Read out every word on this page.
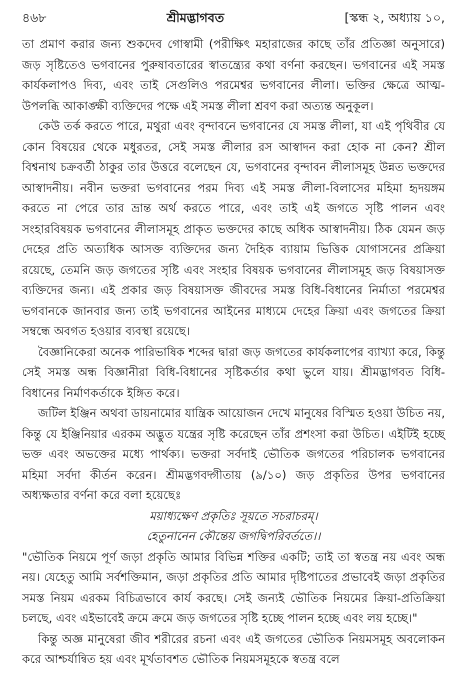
৪৬৮	শ্রীমদ্ভাগবত	[স্কন্ধ ২, অধ্যায় ১০,

তা প্রমাণ করার জন্য শুকদেব গোস্বামী (পরীক্ষিৎ মহারাজের কাছে তাঁর প্রতিজ্ঞা অনুসারে) জড় সৃষ্টিতেও ভগবানের পুরুষাবতারের স্বাতন্ত্র্যের কথা বর্ণনা করছেন। ভগবানের এই সমস্ত কার্যকলাপও দিব্য, এবং তাই সেগুলিও পরমেশ্বর ভগবানের লীলা। ভক্তির ক্ষেত্রে আত্ম-উপলব্ধি আকাঙ্ক্ষী ব্যক্তিদের পক্ষে এই সমস্ত লীলা শ্রবণ করা অত্যন্ত অনুকূল।

কেউ তর্ক করতে পারে, মথুরা এবং বৃন্দাবনে ভগবানের যে সমস্ত লীলা, যা এই পৃথিবীর যে কোন বিষয়ের থেকে মধুরতর, সেই সমস্ত লীলার রস আস্বাদন করা হোক না কেন? শ্রীল বিশ্বনাথ চক্রবর্তী ঠাকুর তার উত্তরে বলেছেন যে, ভগবানের বৃন্দাবন লীলাসমূহ উন্নত ভক্তদের আস্বাদনীয়। নবীন ভক্তরা ভগবানের পরম দিব্য এই সমস্ত লীলা-বিলাসের মহিমা হৃদয়ঙ্গম করতে না পেরে তার ভ্রান্ত অর্থ করতে পারে, এবং তাই এই জগতে সৃষ্টি পালন এবং সংহারবিষয়ক ভগবানের লীলাসমূহ প্রাকৃত ভক্তদের কাছে অধিক আস্বাদনীয়। ঠিক যেমন জড় দেহের প্রতি অত্যধিক আসক্ত ব্যক্তিদের জন্য দৈহিক ব্যায়াম ভিত্তিক যোগাসনের প্রক্রিয়া রয়েছে, তেমনি জড় জগতের সৃষ্টি এবং সংহার বিষয়ক ভগবানের লীলাসমূহ জড় বিষয়াসক্ত ব্যক্তিদের জন্য। এই প্রকার জড় বিষয়াসক্ত জীবদের সমস্ত বিধি-বিধানের নির্মাতা পরমেশ্বর ভগবানকে জানবার জন্য তাই ভগবানের আইনের মাধ্যমে দেহের ক্রিয়া এবং জগতের ক্রিয়া সম্বন্ধে অবগত হওয়ার ব্যবস্থা রয়েছে।

বৈজ্ঞানিকেরা অনেক পারিভাষিক শব্দের দ্বারা জড় জগতের কার্যকলাপের ব্যাখ্যা করে, কিন্তু সেই সমস্ত অন্ধ বিজ্ঞানীরা বিধি-বিধানের সৃষ্টিকর্তার কথা ভুলে যায়। শ্রীমদ্ভাগবত বিধি-বিধানের নির্মাণকর্তাকে ইঙ্গিত করে।

জটিল ইঞ্জিন অথবা ডায়নামোর যান্ত্রিক আয়োজন দেখে মানুষের বিস্মিত হওয়া উচিত নয়, কিন্তু যে ইঞ্জিনিয়ার এরকম অদ্ভুত যন্ত্রের সৃষ্টি করেছেন তাঁর প্রশংসা করা উচিত। এইটিই হচ্ছে ভক্ত এবং অভক্তের মধ্যে পার্থক্য। ভক্তরা সর্বদাই ভৌতিক জগতের পরিচালক ভগবানের মহিমা সর্বদা কীর্তন করেন। শ্রীমদ্ভগবদ্গীতায় (৯/১০) জড় প্রকৃতির উপর ভগবানের অধ্যক্ষতার বর্ণনা করে বলা হয়েছেঃ

ময়াধ্যক্ষেণ প্রকৃতিঃ সূয়তে সচরাচরম্।

হেতুনানেন কৌন্তেয় জগদ্বিপরিবর্ততে।।

"ভৌতিক নিয়মে পূর্ণ জড়া প্রকৃতি আমার বিভিন্ন শক্তির একটি; তাই তা স্বতন্ত্র নয় এবং অন্ধ নয়। যেহেতু আমি সর্বশক্তিমান, জড়া প্রকৃতির প্রতি আমার দৃষ্টিপাতের প্রভাবেই জড়া প্রকৃতির সমস্ত নিয়ম এরকম বিচিত্রভাবে কার্য করছে। সেই জন্যই ভৌতিক নিয়মের ক্রিয়া-প্রতিক্রিয়া চলছে, এবং এইভাবেই ক্রমে ক্রমে জড় জগতের সৃষ্টি হচ্ছে পালন হচ্ছে এবং লয় হচ্ছে।"

কিন্তু অজ্ঞ মানুষেরা জীব শরীরের রচনা এবং এই জগতের ভৌতিক নিয়মসমূহ অবলোকন করে আশ্চর্যান্বিত হয় এবং মূর্খতাবশত ভৌতিক নিয়মসমূহকে স্বতন্ত্র বলে
